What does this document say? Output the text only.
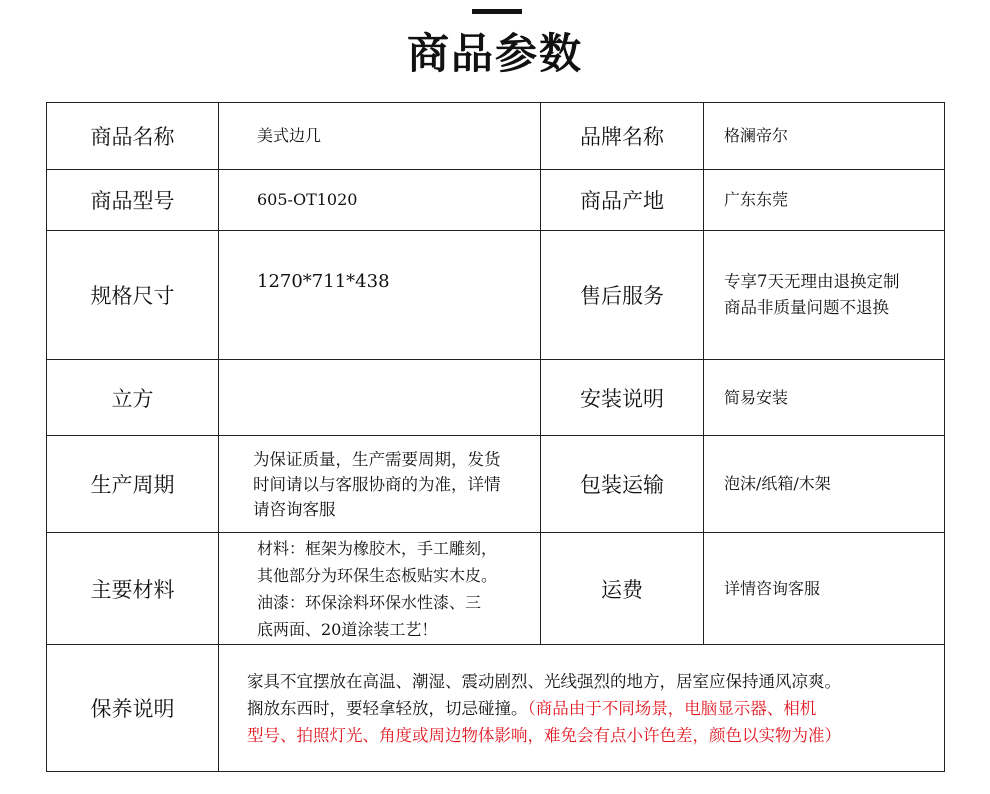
商品参数
商品名称	美式边几	品牌名称	格澜帝尔
商品型号	605-OT1020	商品产地	广东东莞
规格尺寸	1270*711*438	售后服务	专享7天无理由退换定制
商品非质量问题不退换

立方		安装说明	简易安装
生产周期	为保证质量，生产需要周期，发货
时间请以与客服协商的为准，详情
请咨询客服	包装运输	泡沫/纸箱/木架
主要材料	材料：框架为橡胶木，手工雕刻，
其他部分为环保生态板贴实木皮。
油漆：环保涂料环保水性漆、三
底两面、20道涂装工艺！	运费	详情咨询客服
保养说明	家具不宜摆放在高温、潮湿、震动剧烈、光线强烈的地方，居室应保持通风凉爽。
搁放东西时，要轻拿轻放，切忌碰撞。（商品由于不同场景，电脑显示器、相机
型号、拍照灯光、角度或周边物体影响，难免会有点小许色差，颜色以实物为准）		
